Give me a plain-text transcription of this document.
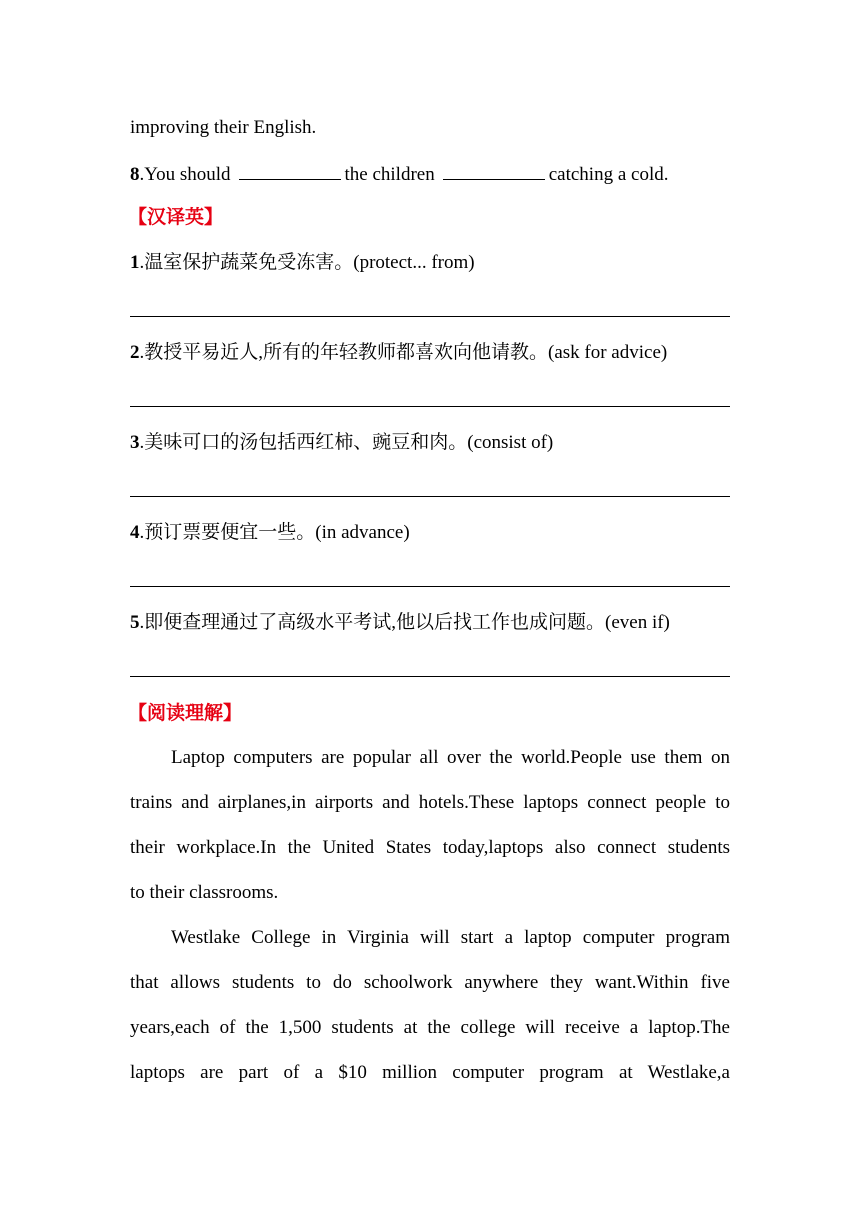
improving their English.
8.You should	the children	catching a cold.
【汉译英】
1.温室保护蔬菜免受冻害。(protect... from)
2.教授平易近人,所有的年轻教师都喜欢向他请教。(ask for advice)
3.美味可口的汤包括西红柿、豌豆和肉。(consist of)
4.预订票要便宜一些。(in advance)
5.即便查理通过了高级水平考试,他以后找工作也成问题。(even if)
【阅读理解】
Laptop computers are popular all over the world.People use them on
trains and airplanes,in airports and hotels.These laptops connect people to
their workplace.In the United States today,laptops also connect students
to their classrooms.
Westlake College in Virginia will start a laptop computer program
that allows students to do schoolwork anywhere they want.Within five
years,each of the 1,500 students at the college will receive a laptop.The
laptops are part of a $10 million computer program at Westlake,a
